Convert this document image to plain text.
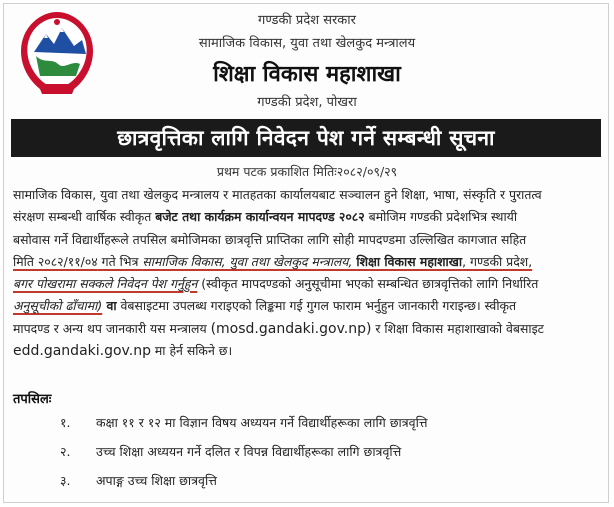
गण्डकी प्रदेश सरकार
सामाजिक विकास, युवा तथा खेलकुद मन्त्रालय
शिक्षा विकास महाशाखा
गण्डकी प्रदेश, पोखरा
छात्रवृत्तिका लागि निवेदन पेश गर्ने सम्बन्धी सूचना
प्रथम पटक प्रकाशित मितिः२०८२/०९/२९
सामाजिक विकास, युवा तथा खेलकुद मन्त्रालय र मातहतका कार्यालयबाट सञ्चालन हुने शिक्षा, भाषा, संस्कृति र पुरातत्व
संरक्षण सम्बन्धी वार्षिक स्वीकृत बजेट तथा कार्यक्रम कार्यान्वयन मापदण्ड २०८२ बमोजिम गण्डकी प्रदेशभित्र स्थायी
बसोवास गर्ने विद्यार्थीहरूले तपसिल बमोजिमका छात्रवृत्ति प्राप्तिका लागि सोही मापदण्डमा उल्लिखित कागजात सहित
मिति २०८२/११/०४ गते भित्र सामाजिक विकास, युवा तथा खेलकुद मन्त्रालय, शिक्षा विकास महाशाखा, गण्डकी प्रदेश,
बगर पोखरामा सक्कले निवेदन पेश गर्नुहुन (स्वीकृत मापदण्डको अनुसूचीमा भएको सम्बन्धित छात्रवृत्तिको लागि निर्धारित
अनुसूचीको ढाँचामा) वा वेबसाइटमा उपलब्ध गराइएको लिङ्कमा गई गुगल फाराम भर्नुहुन जानकारी गराइन्छ। स्वीकृत
मापदण्ड र अन्य थप जानकारी यस मन्त्रालय (mosd.gandaki.gov.np) र शिक्षा विकास महाशाखाको वेबसाइट
edd.gandaki.gov.np मा हेर्न सकिने छ।
तपसिलः
१. कक्षा ११ र १२ मा विज्ञान विषय अध्ययन गर्ने विद्यार्थीहरूका लागि छात्रवृत्ति
२. उच्च शिक्षा अध्ययन गर्ने दलित र विपन्न विद्यार्थीहरूका लागि छात्रवृत्ति
३. अपाङ्ग उच्च शिक्षा छात्रवृत्ति
